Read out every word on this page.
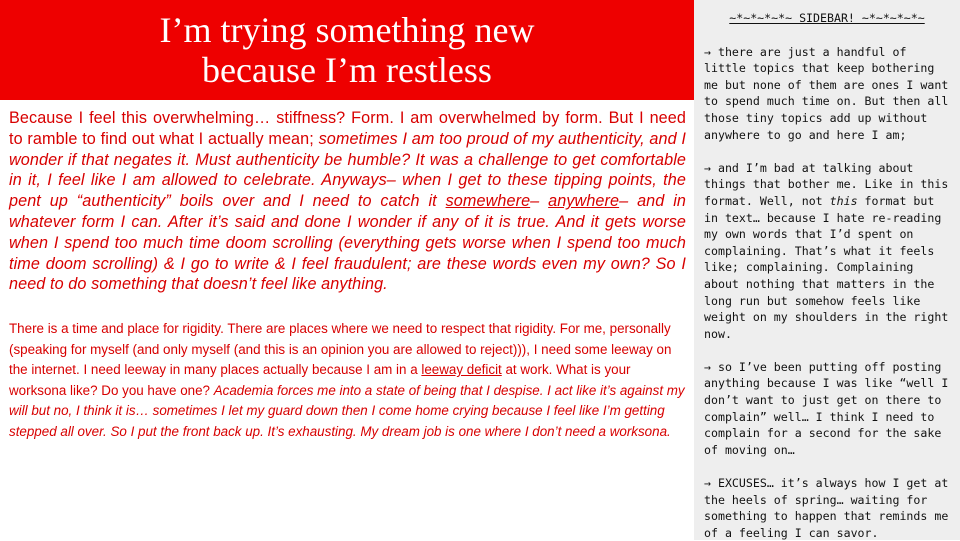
I’m trying something new
because I’m restless

Because I feel this overwhelming… stiffness? Form. I am overwhelmed by form. But I need to ramble to find out what I actually mean; sometimes I am too proud of my authenticity, and I wonder if that negates it. Must authenticity be humble? It was a challenge to get comfortable in it, I feel like I am allowed to celebrate. Anyways– when I get to these tipping points, the pent up “authenticity” boils over and I need to catch it somewhere– anywhere– and in whatever form I can. After it’s said and done I wonder if any of it is true. And it gets worse when I spend too much time doom scrolling (everything gets worse when I spend too much time doom scrolling) & I go to write & I feel fraudulent; are these words even my own? So I need to do something that doesn’t feel like anything.

There is a time and place for rigidity. There are places where we need to respect that rigidity. For me, personally (speaking for myself (and only myself (and this is an opinion you are allowed to reject))), I need some leeway on the internet. I need leeway in many places actually because I am in a leeway deficit at work. What is your worksona like? Do you have one? Academia forces me into a state of being that I despise. I act like it’s against my will but no, I think it is… sometimes I let my guard down then I come home crying because I feel like I’m getting stepped all over. So I put the front back up. It’s exhausting. My dream job is one where I don’t need a worksona.

~*~*~*~*~ SIDEBAR! ~*~*~*~*~

→ there are just a handful of little topics that keep bothering me but none of them are ones I want to spend much time on. But then all those tiny topics add up without anywhere to go and here I am;

→ and I’m bad at talking about things that bother me. Like in this format. Well, not this format but in text… because I hate re-reading my own words that I’d spent on complaining. That’s what it feels like; complaining. Complaining about nothing that matters in the long run but somehow feels like weight on my shoulders in the right now.

→ so I’ve been putting off posting anything because I was like “well I don’t want to just get on there to complain” well… I think I need to complain for a second for the sake of moving on…

→ EXCUSES… it’s always how I get at the heels of spring… waiting for something to happen that reminds me of a feeling I can savor.
